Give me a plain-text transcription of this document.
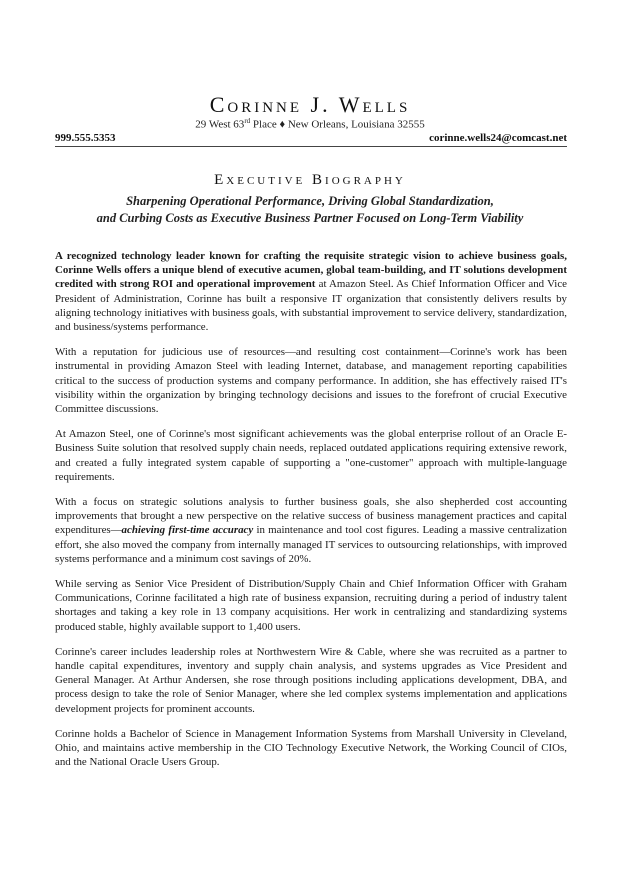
Corinne J. Wells
29 West 63rd Place ♦ New Orleans, Louisiana 32555
999.555.5353	corinne.wells24@comcast.net
Executive Biography
Sharpening Operational Performance, Driving Global Standardization,
and Curbing Costs as Executive Business Partner Focused on Long-Term Viability

A recognized technology leader known for crafting the requisite strategic vision to achieve business goals, Corinne Wells offers a unique blend of executive acumen, global team-building, and IT solutions development credited with strong ROI and operational improvement at Amazon Steel. As Chief Information Officer and Vice President of Administration, Corinne has built a responsive IT organization that consistently delivers results by aligning technology initiatives with business goals, with substantial improvement to service delivery, standardization, and business/systems performance.

With a reputation for judicious use of resources—and resulting cost containment—Corinne's work has been instrumental in providing Amazon Steel with leading Internet, database, and management reporting capabilities critical to the success of production systems and company performance. In addition, she has effectively raised IT's visibility within the organization by bringing technology decisions and issues to the forefront of crucial Executive Committee discussions.

At Amazon Steel, one of Corinne's most significant achievements was the global enterprise rollout of an Oracle E-Business Suite solution that resolved supply chain needs, replaced outdated applications requiring extensive rework, and created a fully integrated system capable of supporting a "one-customer" approach with multiple-language requirements.

With a focus on strategic solutions analysis to further business goals, she also shepherded cost accounting improvements that brought a new perspective on the relative success of business management practices and capital expenditures—achieving first-time accuracy in maintenance and tool cost figures. Leading a massive centralization effort, she also moved the company from internally managed IT services to outsourcing relationships, with improved systems performance and a minimum cost savings of 20%.

While serving as Senior Vice President of Distribution/Supply Chain and Chief Information Officer with Graham Communications, Corinne facilitated a high rate of business expansion, recruiting during a period of industry talent shortages and taking a key role in 13 company acquisitions. Her work in centralizing and standardizing systems produced stable, highly available support to 1,400 users.

Corinne's career includes leadership roles at Northwestern Wire & Cable, where she was recruited as a partner to handle capital expenditures, inventory and supply chain analysis, and systems upgrades as Vice President and General Manager. At Arthur Andersen, she rose through positions including applications development, DBA, and process design to take the role of Senior Manager, where she led complex systems implementation and applications development projects for prominent accounts.

Corinne holds a Bachelor of Science in Management Information Systems from Marshall University in Cleveland, Ohio, and maintains active membership in the CIO Technology Executive Network, the Working Council of CIOs, and the National Oracle Users Group.
